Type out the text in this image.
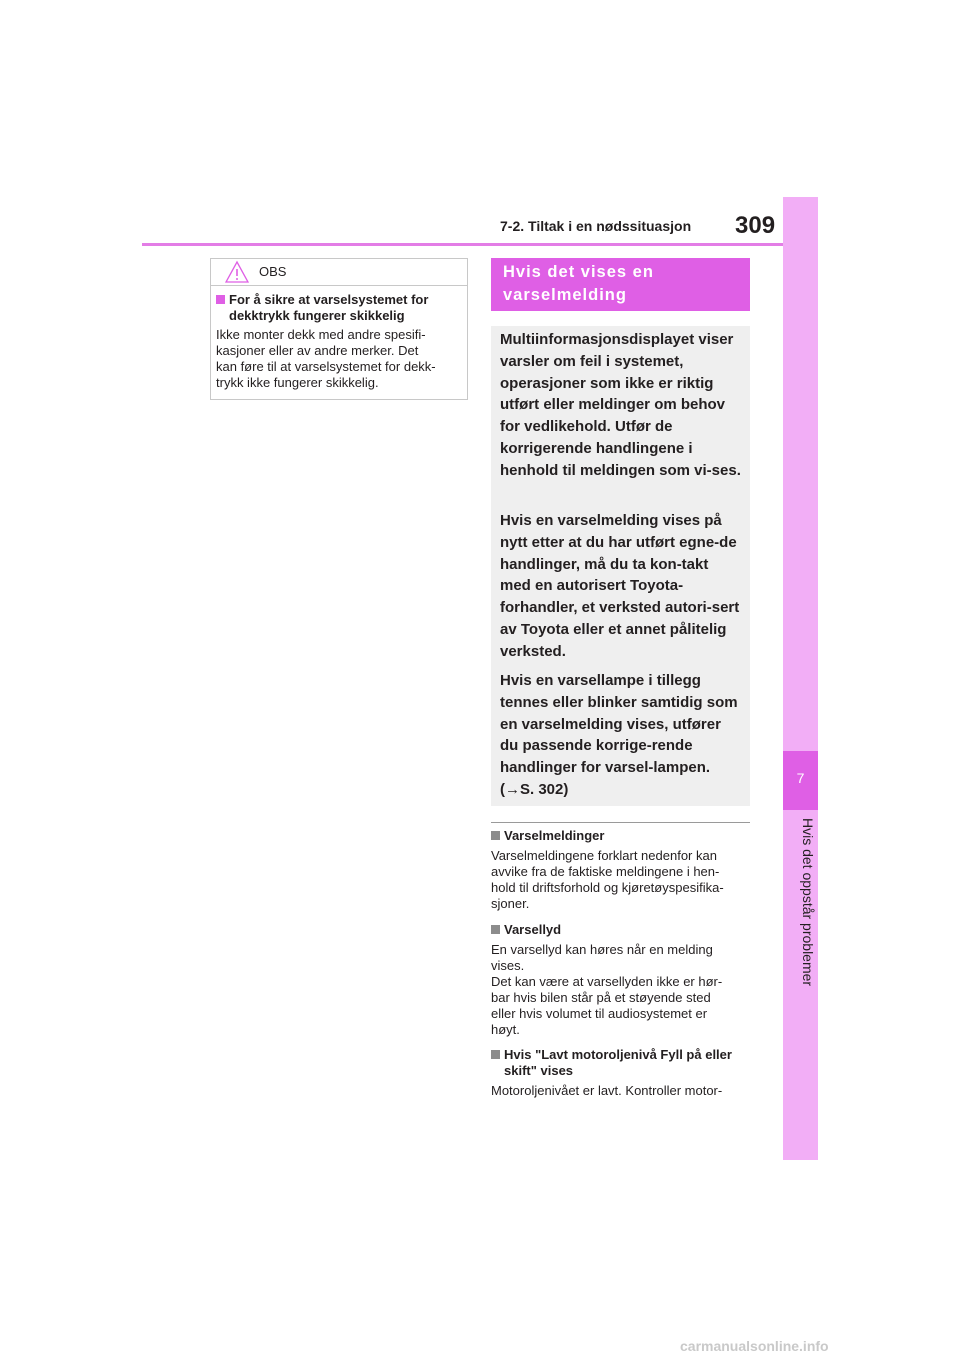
7-2. Tiltak i en nødssituasjon 309
7
Hvis det oppstår problemer
OBS
For å sikre at varselsystemet for dekktrykk fungerer skikkelig
Ikke monter dekk med andre spesifi-
kasjoner eller av andre merker. Det
kan føre til at varselsystemet for dekk-
trykk ikke fungerer skikkelig.
Hvis det vises en
varselmelding
Multiinformasjonsdisplayet viser varsler om feil i systemet, operasjoner som ikke er riktig utført eller meldinger om behov for vedlikehold. Utfør de korrigerende handlingene i henhold til meldingen som vi-ses.
Hvis en varselmelding vises på nytt etter at du har utført egne-de handlinger, må du ta kon-takt med en autorisert Toyota-forhandler, et verksted autori-sert av Toyota eller et annet pålitelig verksted.
Hvis en varsellampe i tillegg tennes eller blinker samtidig som en varselmelding vises, utfører du passende korrige-rende handlinger for varsel-lampen. (→S. 302)
Varselmeldinger
Varselmeldingene forklart nedenfor kan
avvike fra de faktiske meldingene i hen-
hold til driftsforhold og kjøretøyspesifika-
sjoner.
Varsellyd
En varsellyd kan høres når en melding
vises.
Det kan være at varsellyden ikke er hør-
bar hvis bilen står på et støyende sted
eller hvis volumet til audiosystemet er
høyt.
Hvis "Lavt motoroljenivå Fyll på eller skift" vises
Motoroljenivået er lavt. Kontroller motor-
carmanualsonline.info
